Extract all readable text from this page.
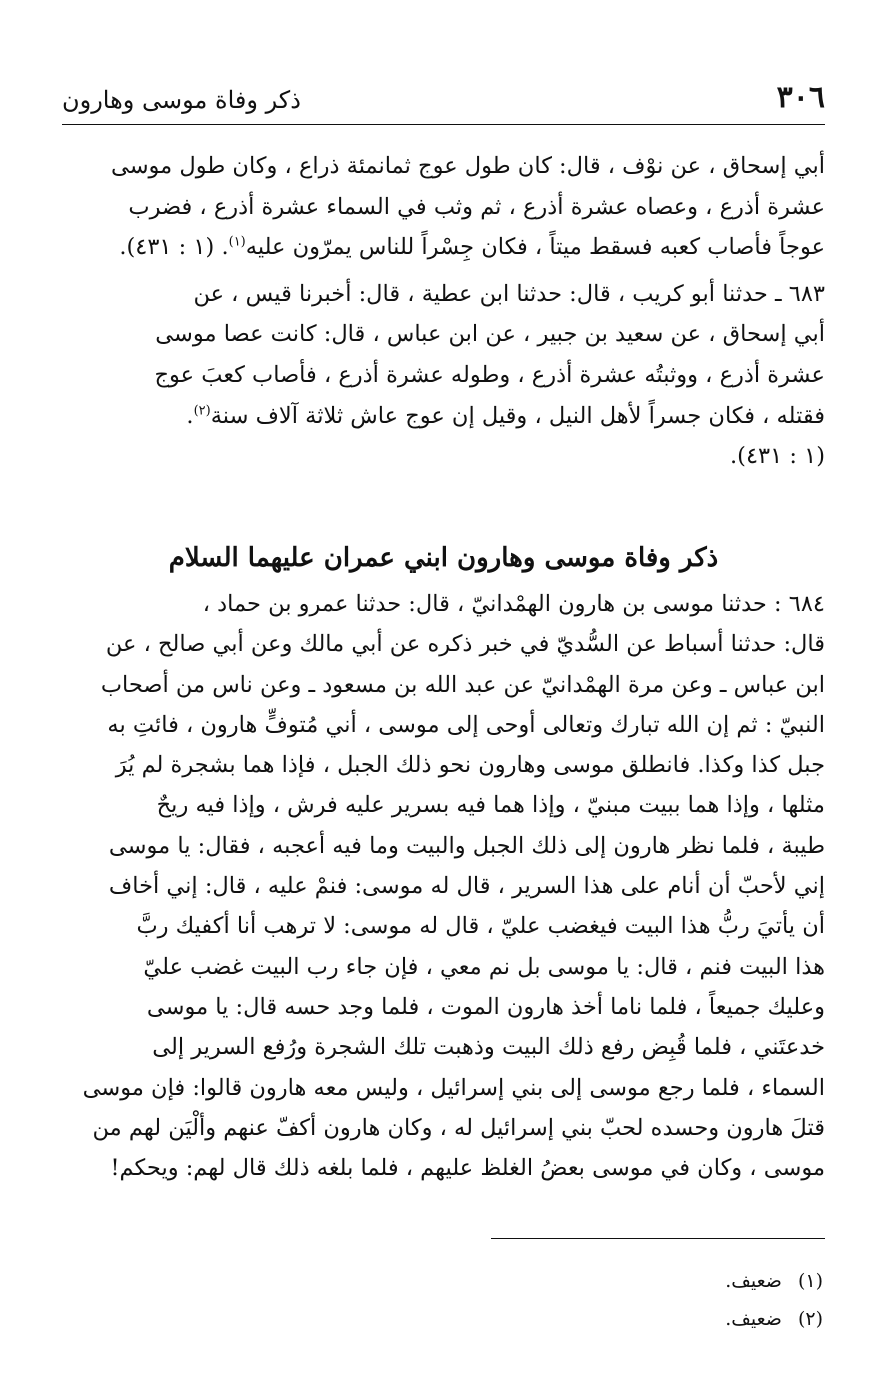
٣٠٦
ذكر وفاة موسى وهارون

أبي إسحاق ، عن نوْف ، قال: كان طول عوج ثمانمئة ذراع ، وكان طول موسى

عشرة أذرع ، وعصاه عشرة أذرع ، ثم وثب في السماء عشرة أذرع ، فضرب

عوجاً فأصاب كعبه فسقط ميتاً ، فكان جِسْراً للناس يمرّون عليه$^{(١)}$. (١ : ٤٣١).

٦٨٣ ـ حدثنا أبو كريب ، قال: حدثنا ابن عطية ، قال: أخبرنا قيس ، عن

أبي إسحاق ، عن سعيد بن جبير ، عن ابن عباس ، قال: كانت عصا موسى

عشرة أذرع ، ووثبتُه عشرة أذرع ، وطوله عشرة أذرع ، فأصاب كعبَ عوج

فقتله ، فكان جسراً لأهل النيل ، وقيل إن عوج عاش ثلاثة آلاف سنة$^{(٢)}$.

(١ : ٤٣١).

ذكر وفاة موسى وهارون ابني عمران عليهما السلام

٦٨٤ : حدثنا موسى بن هارون الهمْدانيّ ، قال: حدثنا عمرو بن حماد ،

قال: حدثنا أسباط عن السُّديّ في خبر ذكره عن أبي مالك وعن أبي صالح ، عن

ابن عباس ـ وعن مرة الهمْدانيّ عن عبد الله بن مسعود ـ وعن ناس من أصحاب

النبيّ : ثم إن الله تبارك وتعالى أوحى إلى موسى ، أني مُتوفٍّ هارون ، فائتِ به

جبل كذا وكذا. فانطلق موسى وهارون نحو ذلك الجبل ، فإذا هما بشجرة لم يُرَ

مثلها ، وإذا هما ببيت مبنيّ ، وإذا هما فيه بسرير عليه فرش ، وإذا فيه ريحٌ

طيبة ، فلما نظر هارون إلى ذلك الجبل والبيت وما فيه أعجبه ، فقال: يا موسى

إني لأحبّ أن أنام على هذا السرير ، قال له موسى: فنمْ عليه ، قال: إني أخاف

أن يأتيَ ربُّ هذا البيت فيغضب عليّ ، قال له موسى: لا ترهب أنا أكفيك ربَّ

هذا البيت فنم ، قال: يا موسى بل نم معي ، فإن جاء رب البيت غضب عليّ

وعليك جميعاً ، فلما ناما أخذ هارون الموت ، فلما وجد حسه قال: يا موسى

خدعتَني ، فلما قُبِض رفع ذلك البيت وذهبت تلك الشجرة ورُفع السرير إلى

السماء ، فلما رجع موسى إلى بني إسرائيل ، وليس معه هارون قالوا: فإن موسى

قتلَ هارون وحسده لحبّ بني إسرائيل له ، وكان هارون أكفّ عنهم وألْيَن لهم من

موسى ، وكان في موسى بعضُ الغلظ عليهم ، فلما بلغه ذلك قال لهم: ويحكم!

(١)
ضعيف.
(٢)
ضعيف.
